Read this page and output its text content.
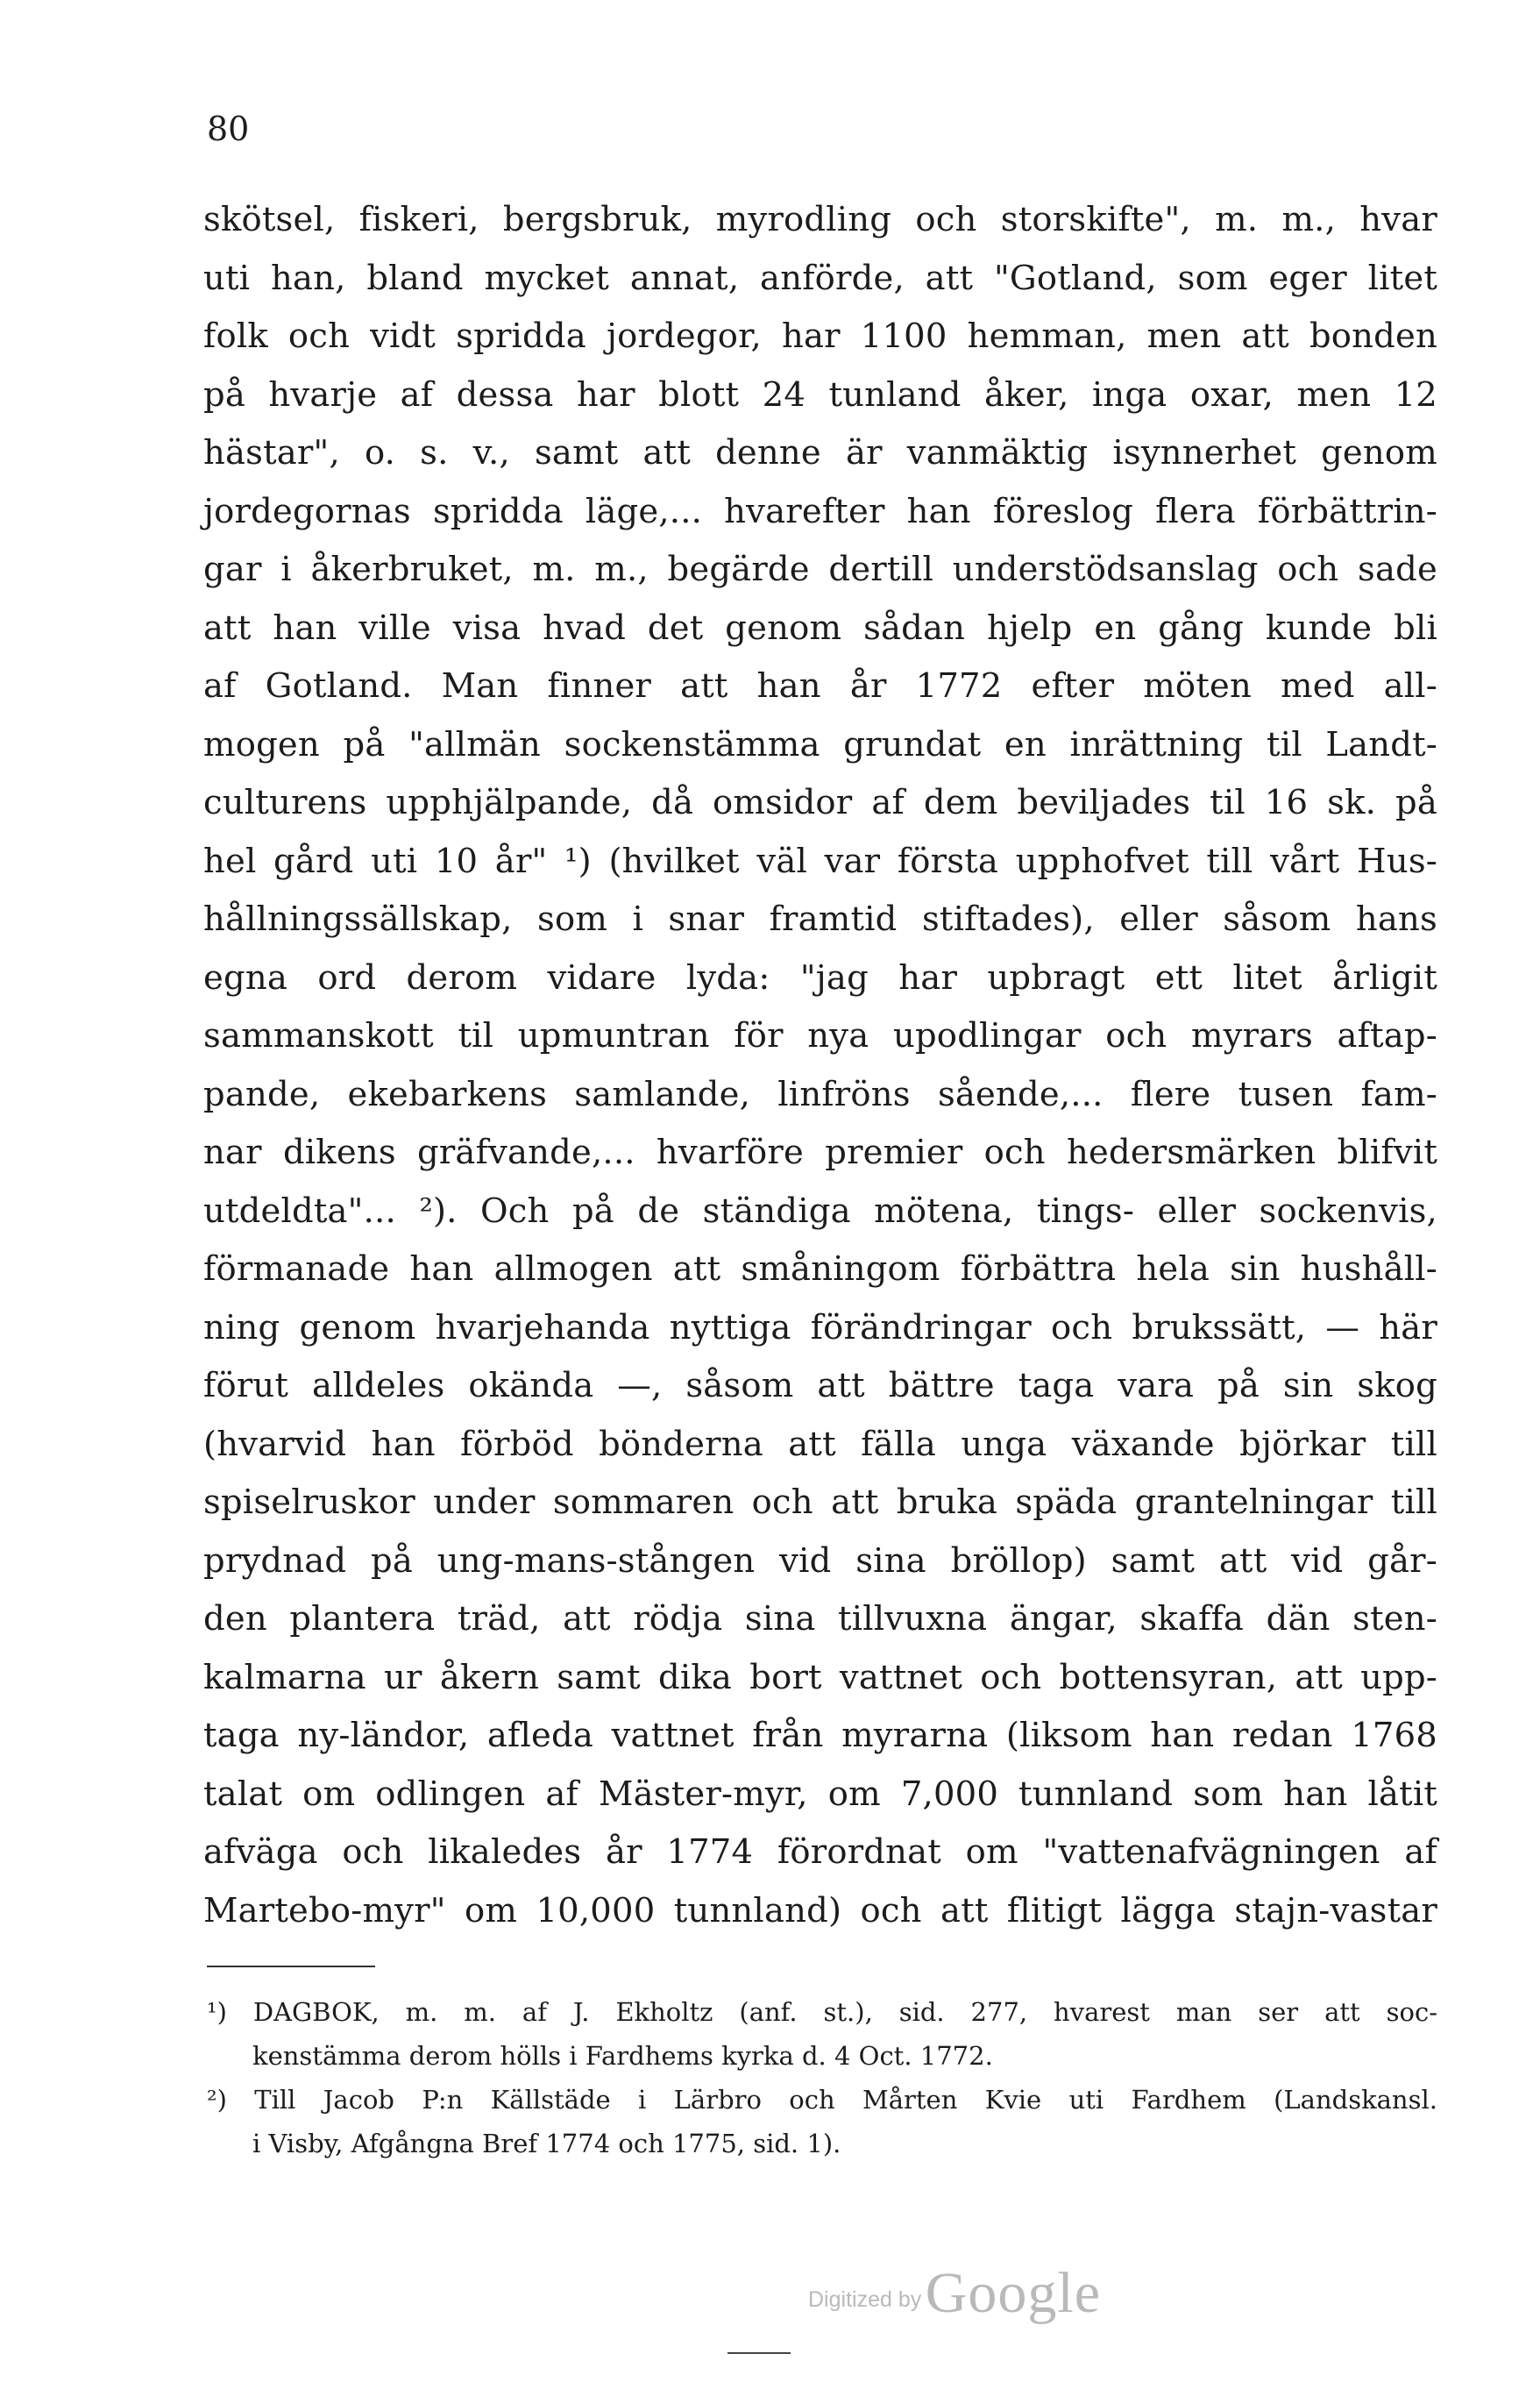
80
skötsel, fiskeri, bergsbruk, myrodling och storskifte", m. m., hvar
uti han, bland mycket annat, anförde, att "Gotland, som eger litet
folk och vidt spridda jordegor, har 1100 hemman, men att bonden
på hvarje af dessa har blott 24 tunland åker, inga oxar, men 12
hästar", o. s. v., samt att denne är vanmäktig isynnerhet genom
jordegornas spridda läge,... hvarefter han föreslog flera förbättrin-
gar i åkerbruket, m. m., begärde dertill understödsanslag och sade
att han ville visa hvad det genom sådan hjelp en gång kunde bli
af Gotland. Man finner att han år 1772 efter möten med all-
mogen på "allmän sockenstämma grundat en inrättning til Landt-
culturens upphjälpande, då omsidor af dem beviljades til 16 sk. på
hel gård uti 10 år" ¹) (hvilket väl var första upphofvet till vårt Hus-
hållningssällskap, som i snar framtid stiftades), eller såsom hans
egna ord derom vidare lyda: "jag har upbragt ett litet årligit
sammanskott til upmuntran för nya upodlingar och myrars aftap-
pande, ekebarkens samlande, linfröns sående,... flere tusen fam-
nar dikens gräfvande,... hvarföre premier och hedersmärken blifvit
utdeldta"... ²). Och på de ständiga mötena, tings- eller sockenvis,
förmanade han allmogen att småningom förbättra hela sin hushåll-
ning genom hvarjehanda nyttiga förändringar och brukssätt, — här
förut alldeles okända —, såsom att bättre taga vara på sin skog
(hvarvid han förböd bönderna att fälla unga växande björkar till
spiselruskor under sommaren och att bruka späda grantelningar till
prydnad på ung-mans-stången vid sina bröllop) samt att vid går-
den plantera träd, att rödja sina tillvuxna ängar, skaffa dän sten-
kalmarna ur åkern samt dika bort vattnet och bottensyran, att upp-
taga ny-ländor, afleda vattnet från myrarna (liksom han redan 1768
talat om odlingen af Mäster-myr, om 7,000 tunnland som han låtit
afväga och likaledes år 1774 förordnat om "vattenafvägningen af
Martebo-myr" om 10,000 tunnland) och att flitigt lägga stajn-vastar
¹) DAGBOK, m. m. af J. Ekholtz (anf. st.), sid. 277, hvarest man ser att soc-
kenstämma derom hölls i Fardhems kyrka d. 4 Oct. 1772.
²) Till Jacob P:n Källstäde i Lärbro och Mårten Kvie uti Fardhem (Landskansl.
i Visby, Afgångna Bref 1774 och 1775, sid. 1).
Digitized by Google
